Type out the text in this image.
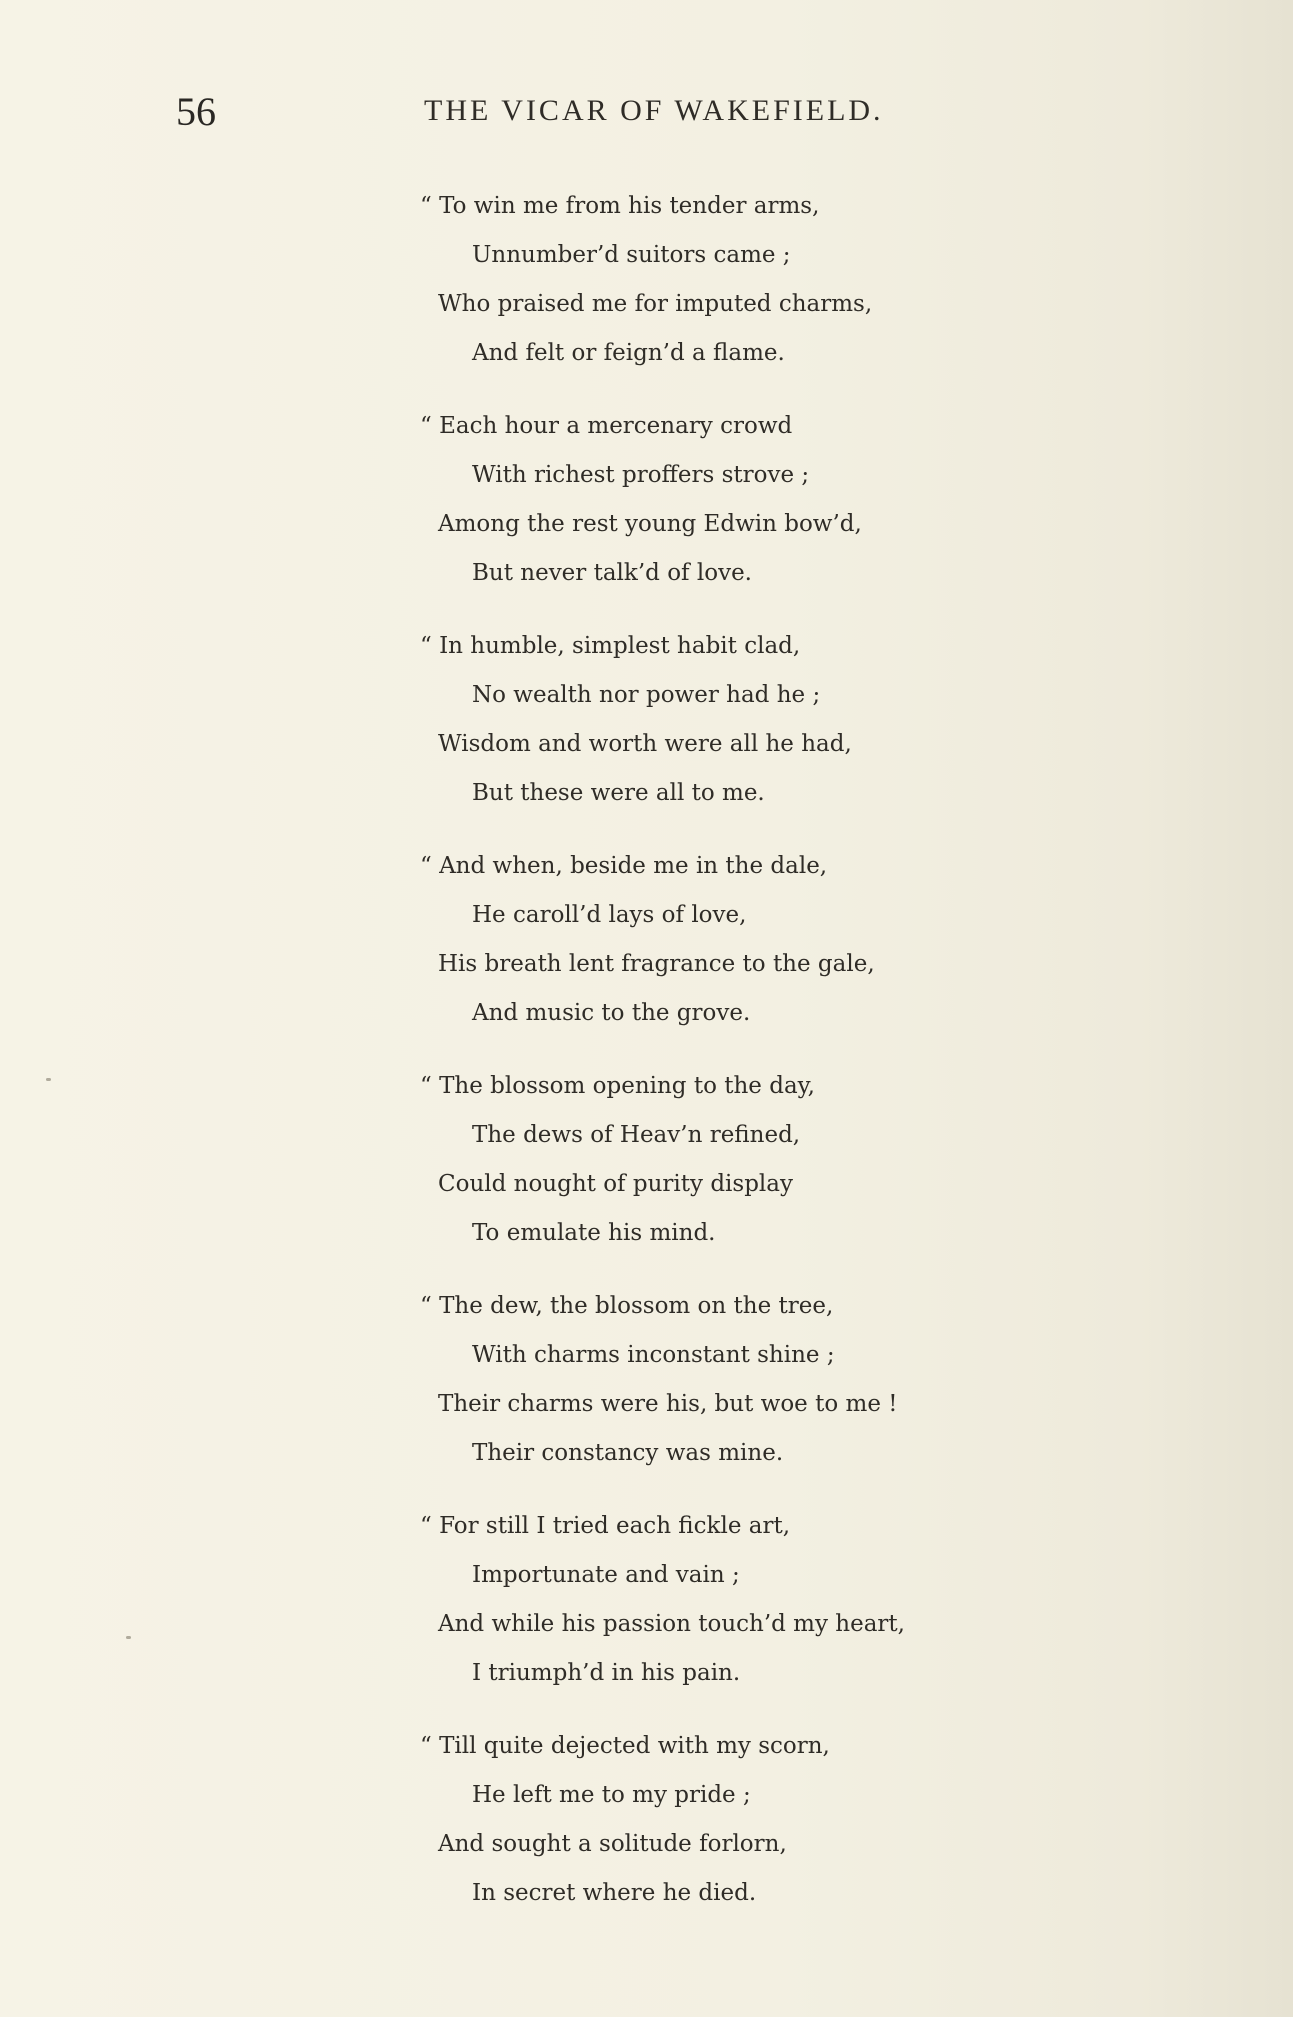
56	THE VICAR OF WAKEFIELD.
“ To win me from his tender arms,
Unnumber’d suitors came ;
Who praised me for imputed charms,
And felt or feign’d a flame.
“ Each hour a mercenary crowd
With richest proffers strove ;
Among the rest young Edwin bow’d,
But never talk’d of love.
“ In humble, simplest habit clad,
No wealth nor power had he ;
Wisdom and worth were all he had,
But these were all to me.
“ And when, beside me in the dale,
He caroll’d lays of love,
His breath lent fragrance to the gale,
And music to the grove.
“ The blossom opening to the day,
The dews of Heav’n refined,
Could nought of purity display
To emulate his mind.
“ The dew, the blossom on the tree,
With charms inconstant shine ;
Their charms were his, but woe to me !
Their constancy was mine.
“ For still I tried each fickle art,
Importunate and vain ;
And while his passion touch’d my heart,
I triumph’d in his pain.
“ Till quite dejected with my scorn,
He left me to my pride ;
And sought a solitude forlorn,
In secret where he died.
